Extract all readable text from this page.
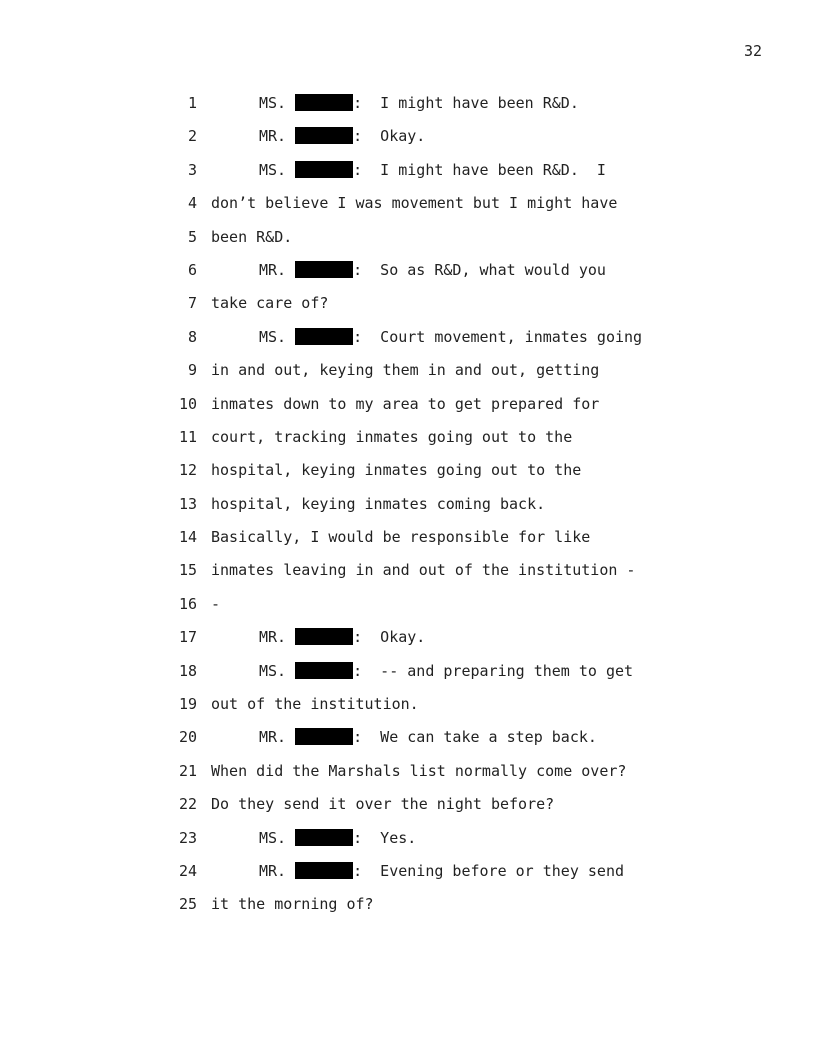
32
1	MS.	:  I might have been R&D.
2	MR.	:  Okay.
3	MS.	:  I might have been R&D.  I
4 don’t believe I was movement but I might have
5 been R&D.
6	MR.	:  So as R&D, what would you
7 take care of?
8	MS.	:  Court movement, inmates going
9 in and out, keying them in and out, getting
10 inmates down to my area to get prepared for
11 court, tracking inmates going out to the
12 hospital, keying inmates going out to the
13 hospital, keying inmates coming back.
14 Basically, I would be responsible for like
15 inmates leaving in and out of the institution -
16 -
17	MR.	:  Okay.
18	MS.	:  -- and preparing them to get
19 out of the institution.
20	MR.	:  We can take a step back.
21 When did the Marshals list normally come over?
22 Do they send it over the night before?
23	MS.	:  Yes.
24	MR.	:  Evening before or they send
25 it the morning of?
